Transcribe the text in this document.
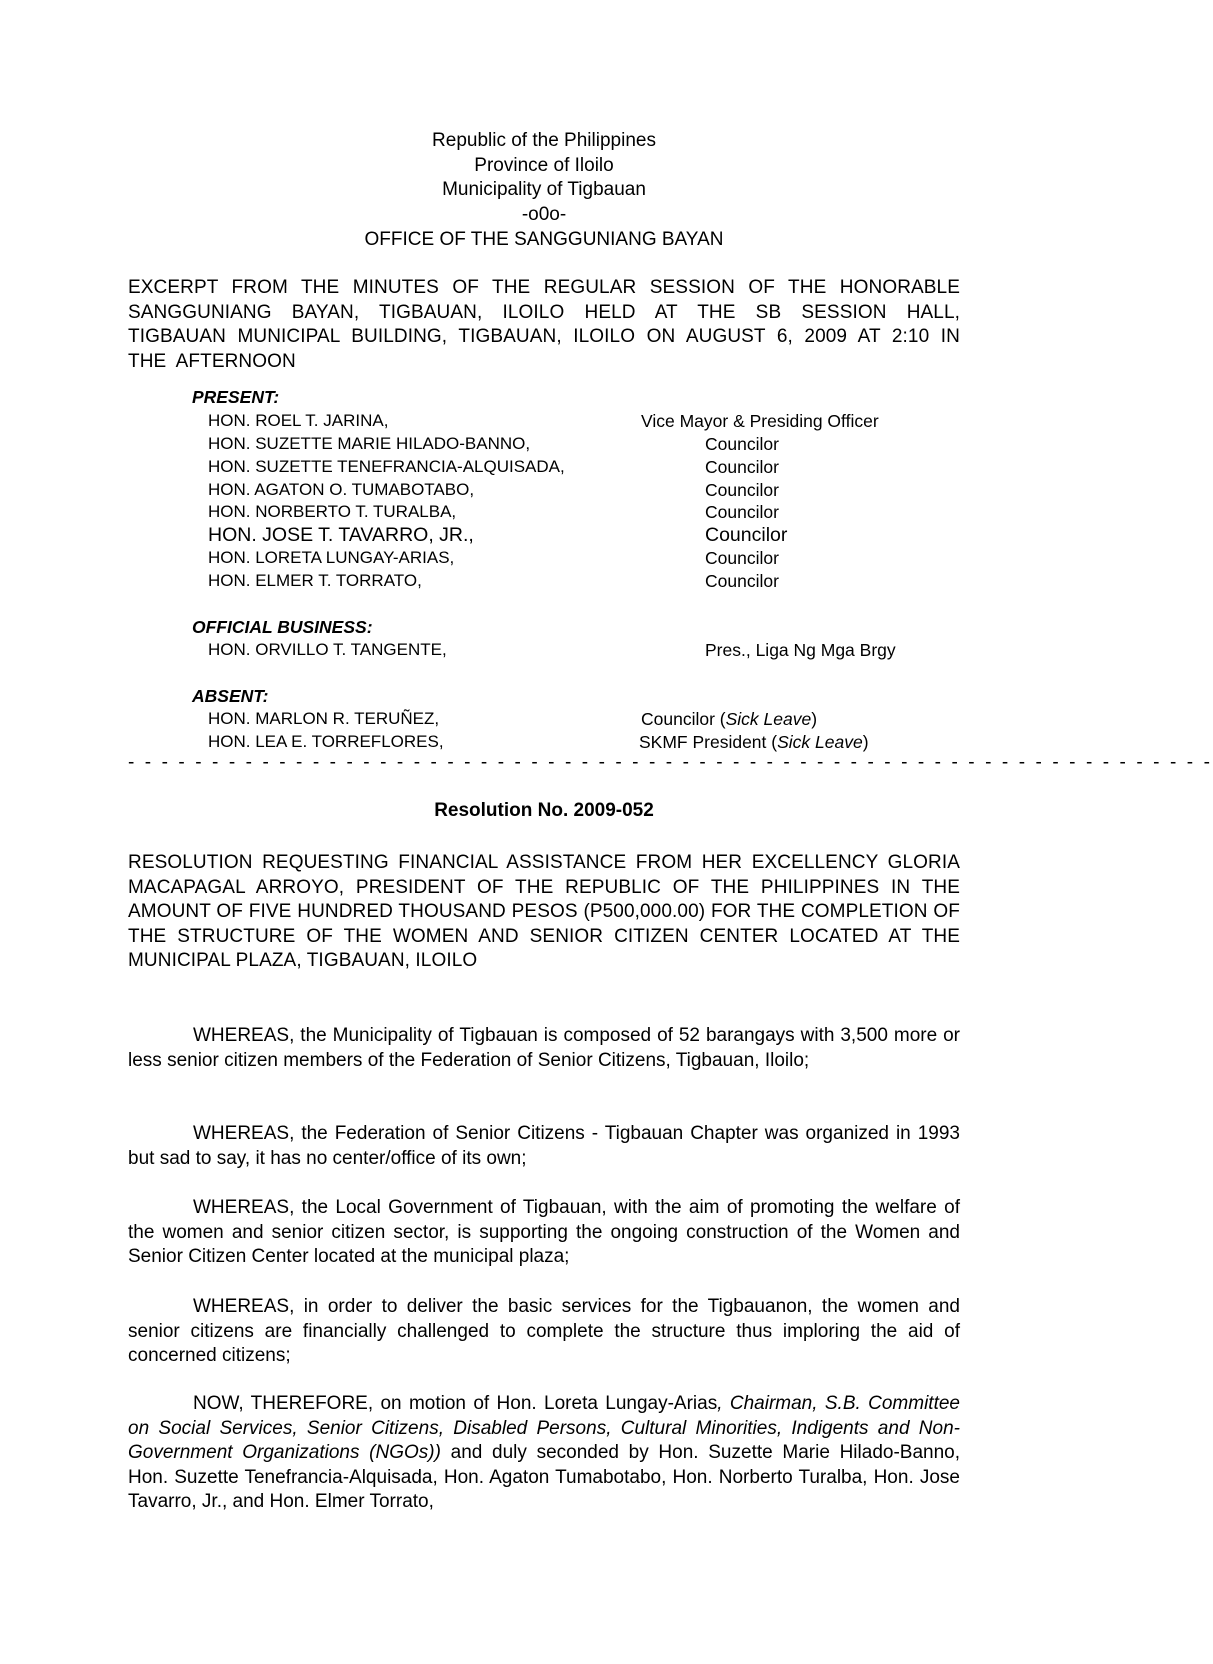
Republic of the Philippines
Province of Iloilo
Municipality of Tigbauan
-o0o-
OFFICE OF THE SANGGUNIANG BAYAN
EXCERPT FROM THE MINUTES OF THE REGULAR SESSION OF THE HONORABLE SANGGUNIANG BAYAN, TIGBAUAN, ILOILO HELD AT THE SB SESSION HALL, TIGBAUAN MUNICIPAL BUILDING, TIGBAUAN, ILOILO ON AUGUST 6, 2009 AT 2:10 IN THE AFTERNOON
PRESENT:
HON. ROEL T. JARINA,	Vice Mayor & Presiding Officer
HON. SUZETTE MARIE HILADO-BANNO,	Councilor
HON. SUZETTE TENEFRANCIA-ALQUISADA,	Councilor
HON. AGATON O. TUMABOTABO,	Councilor
HON. NORBERTO T. TURALBA,	Councilor
HON. JOSE T. TAVARRO, JR.,	Councilor
HON. LORETA LUNGAY-ARIAS,	Councilor
HON. ELMER T. TORRATO,	Councilor
OFFICIAL BUSINESS:
HON. ORVILLO T. TANGENTE,	Pres., Liga Ng Mga Brgy
ABSENT:
HON. MARLON R. TERUÑEZ,	Councilor (Sick Leave)
HON. LEA E. TORREFLORES,	SKMF President (Sick Leave)
- - - - - - - - - - - - - - - - - - - - - - - - - - - - - - - - - - - - - - - - - - - - - - - - - - - - - - - - - - - - - - - - -
Resolution No. 2009-052
RESOLUTION REQUESTING FINANCIAL ASSISTANCE FROM HER EXCELLENCY GLORIA MACAPAGAL ARROYO, PRESIDENT OF THE REPUBLIC OF THE PHILIPPINES IN THE AMOUNT OF FIVE HUNDRED THOUSAND PESOS (P500,000.00) FOR THE COMPLETION OF THE STRUCTURE OF THE WOMEN AND SENIOR CITIZEN CENTER LOCATED AT THE MUNICIPAL PLAZA, TIGBAUAN, ILOILO
WHEREAS, the Municipality of Tigbauan is composed of 52 barangays with 3,500 more or less senior citizen members of the Federation of Senior Citizens, Tigbauan, Iloilo;
WHEREAS, the Federation of Senior Citizens - Tigbauan Chapter was organized in 1993 but sad to say, it has no center/office of its own;
WHEREAS, the Local Government of Tigbauan, with the aim of promoting the welfare of the women and senior citizen sector, is supporting the ongoing construction of the Women and Senior Citizen Center located at the municipal plaza;
WHEREAS, in order to deliver the basic services for the Tigbauanon, the women and senior citizens are financially challenged to complete the structure thus imploring the aid of concerned citizens;
NOW, THEREFORE, on motion of Hon. Loreta Lungay-Arias, Chairman, S.B. Committee on Social Services, Senior Citizens, Disabled Persons, Cultural Minorities, Indigents and Non-Government Organizations (NGOs)) and duly seconded by Hon. Suzette Marie Hilado-Banno, Hon. Suzette Tenefrancia-Alquisada, Hon. Agaton Tumabotabo, Hon. Norberto Turalba, Hon. Jose Tavarro, Jr., and Hon. Elmer Torrato,
